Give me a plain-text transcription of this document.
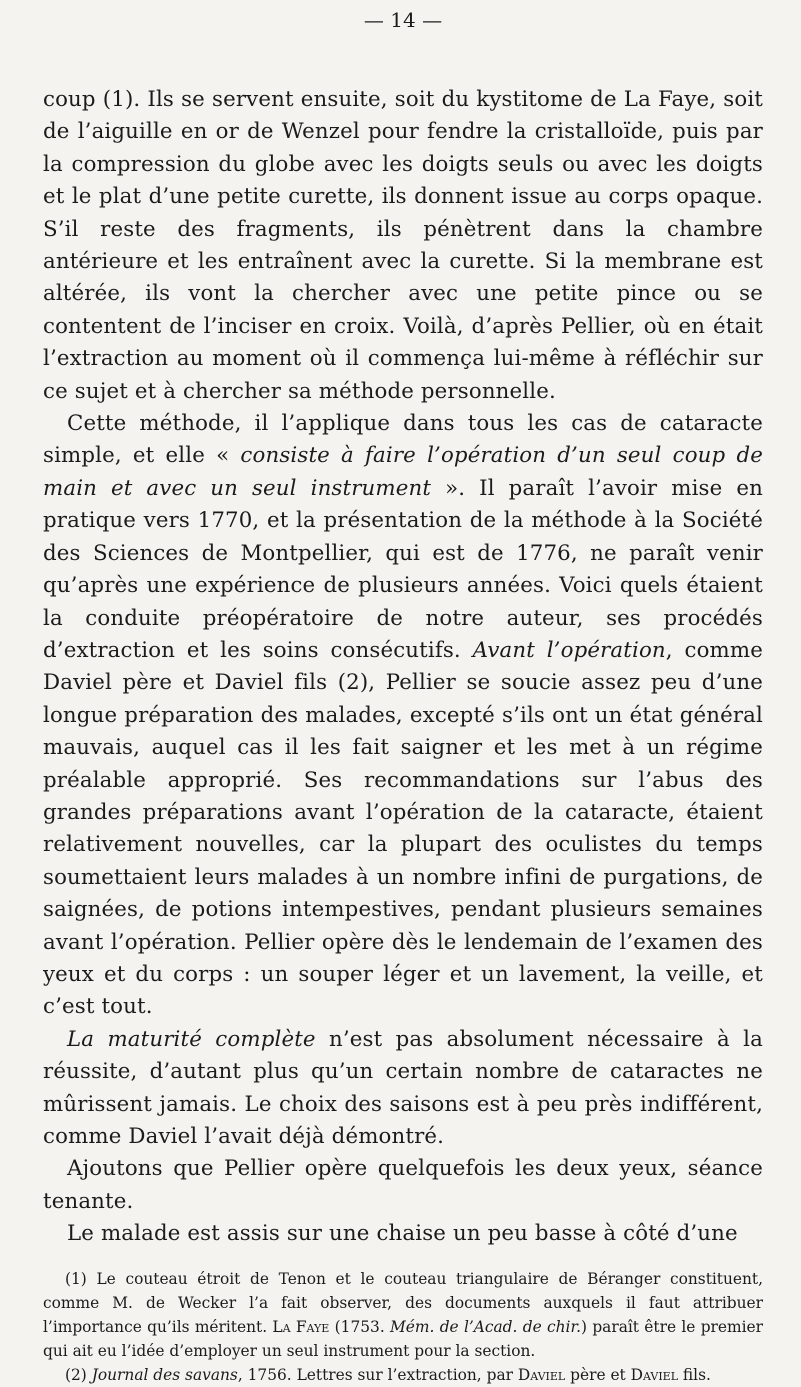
— 14 —

coup (1). Ils se servent ensuite, soit du kystitome de La Faye, soit de l’aiguille en or de Wenzel pour fendre la cristalloïde, puis par la compression du globe avec les doigts seuls ou avec les doigts et le plat d’une petite curette, ils donnent issue au corps opaque. S’il reste des fragments, ils pénètrent dans la chambre antérieure et les entraînent avec la curette. Si la membrane est altérée, ils vont la chercher avec une petite pince ou se contentent de l’inciser en croix. Voilà, d’après Pellier, où en était l’extraction au moment où il commença lui-même à réfléchir sur ce sujet et à chercher sa méthode personnelle.

Cette méthode, il l’applique dans tous les cas de cataracte simple, et elle « consiste à faire l’opération d’un seul coup de main et avec un seul instrument ». Il paraît l’avoir mise en pratique vers 1770, et la présentation de la méthode à la Société des Sciences de Montpellier, qui est de 1776, ne paraît venir qu’après une expérience de plusieurs années. Voici quels étaient la conduite préopératoire de notre auteur, ses procédés d’extraction et les soins consécutifs. Avant l’opération, comme Daviel père et Daviel fils (2), Pellier se soucie assez peu d’une longue préparation des malades, excepté s’ils ont un état général mauvais, auquel cas il les fait saigner et les met à un régime préalable approprié. Ses recommandations sur l’abus des grandes préparations avant l’opération de la cataracte, étaient relativement nouvelles, car la plupart des oculistes du temps soumettaient leurs malades à un nombre infini de purgations, de saignées, de potions intempestives, pendant plusieurs semaines avant l’opération. Pellier opère dès le lendemain de l’examen des yeux et du corps : un souper léger et un lavement, la veille, et c’est tout.

La maturité complète n’est pas absolument nécessaire à la réussite, d’autant plus qu’un certain nombre de cataractes ne mûrissent jamais. Le choix des saisons est à peu près indifférent, comme Daviel l’avait déjà démontré.

Ajoutons que Pellier opère quelquefois les deux yeux, séance tenante.

Le malade est assis sur une chaise un peu basse à côté d’une

(1) Le couteau étroit de Tenon et le couteau triangulaire de Béranger constituent, comme M. de Wecker l’a fait observer, des documents auxquels il faut attribuer l’importance qu’ils méritent. La Faye (1753. Mém. de l’Acad. de chir.) paraît être le premier qui ait eu l’idée d’employer un seul instrument pour la section.

(2) Journal des savans, 1756. Lettres sur l’extraction, par Daviel père et Daviel fils.
